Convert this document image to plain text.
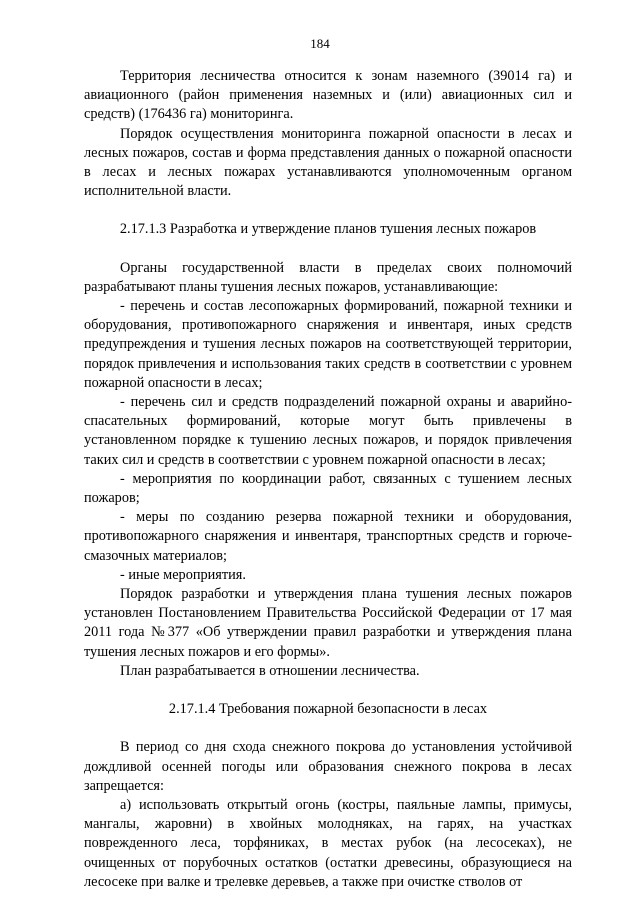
184

Территория лесничества относится к зонам наземного (39014 га) и авиационного (район применения наземных и (или) авиационных сил и средств) (176436 га) мониторинга.

Порядок осуществления мониторинга пожарной опасности в лесах и лесных пожаров, состав и форма представления данных о пожарной опасности в лесах и лесных пожарах устанавливаются уполномоченным органом исполнительной власти.

2.17.1.3 Разработка и утверждение планов тушения лесных пожаров

Органы государственной власти в пределах своих полномочий разрабатывают планы тушения лесных пожаров, устанавливающие:

- перечень и состав лесопожарных формирований, пожарной техники и оборудования, противопожарного снаряжения и инвентаря, иных средств предупреждения и тушения лесных пожаров на соответствующей территории, порядок привлечения и использования таких средств в соответствии с уровнем пожарной опасности в лесах;

- перечень сил и средств подразделений пожарной охраны и аварийно-спасательных формирований, которые могут быть привлечены в установленном порядке к тушению лесных пожаров, и порядок привлечения таких сил и средств в соответствии с уровнем пожарной опасности в лесах;

- мероприятия по координации работ, связанных с тушением лесных пожаров;

- меры по созданию резерва пожарной техники и оборудования, противопожарного снаряжения и инвентаря, транспортных средств и горюче-смазочных материалов;

- иные мероприятия.

Порядок разработки и утверждения плана тушения лесных пожаров установлен Постановлением Правительства Российской Федерации от 17 мая 2011 года №377 «Об утверждении правил разработки и утверждения плана тушения лесных пожаров и его формы».

План разрабатывается в отношении лесничества.

2.17.1.4 Требования пожарной безопасности в лесах

В период со дня схода снежного покрова до установления устойчивой дождливой осенней погоды или образования снежного покрова в лесах запрещается:

а) использовать открытый огонь (костры, паяльные лампы, примусы, мангалы, жаровни) в хвойных молодняках, на гарях, на участках поврежденного леса, торфяниках, в местах рубок (на лесосеках), не очищенных от порубочных остатков (остатки древесины, образующиеся на лесосеке при валке и трелевке деревьев, а также при очистке стволов от
